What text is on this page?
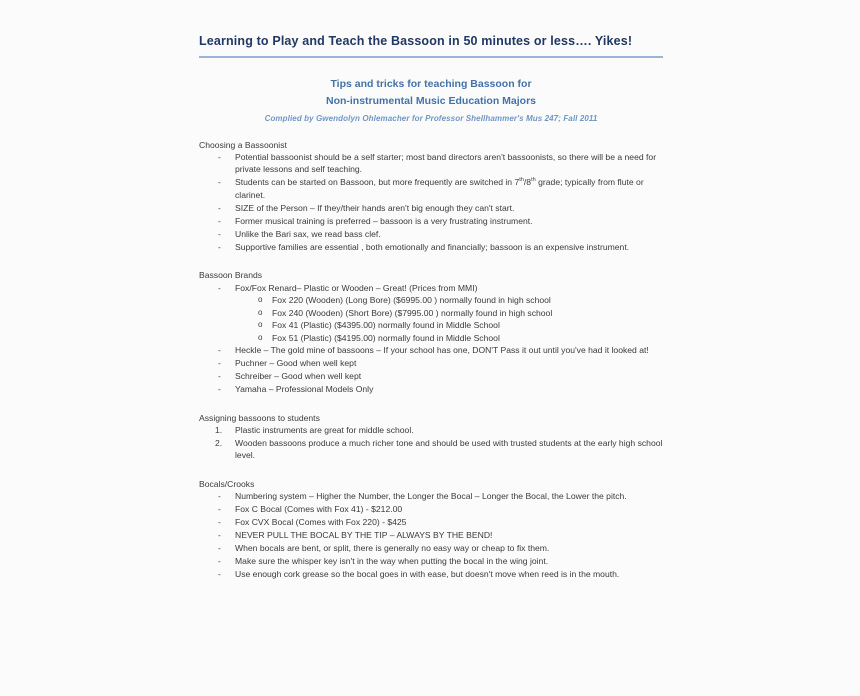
Learning to Play and Teach the Bassoon in 50 minutes or less…. Yikes!

Tips and tricks for teaching Bassoon for

Non-instrumental Music Education Majors

Complied by Gwendolyn Ohlemacher for Professor Shellhammer's Mus 247; Fall 2011

Choosing a Bassoonist

- Potential bassoonist should be a self starter; most band directors aren't bassoonists, so there will be a need for private lessons and self teaching.
- Students can be started on Bassoon, but more frequently are switched in 7th/8th grade; typically from flute or clarinet.
- SIZE of the Person – If they/their hands aren't big enough they can't start.
- Former musical training is preferred – bassoon is a very frustrating instrument.
- Unlike the Bari sax, we read bass clef.
- Supportive families are essential , both emotionally and financially; bassoon is an expensive instrument.

Bassoon Brands

- Fox/Fox Renard– Plastic or Wooden – Great! (Prices from MMI)
o Fox 220 (Wooden) (Long Bore) ($6995.00 ) normally found in high school
o Fox 240 (Wooden) (Short Bore) ($7995.00 ) normally found in high school
o Fox 41 (Plastic) ($4395.00) normally found in Middle School
o Fox 51 (Plastic) ($4195.00) normally found in Middle School
- Heckle – The gold mine of bassoons – If your school has one, DON'T Pass it out until you've had it looked at!
- Puchner – Good when well kept
- Schreiber – Good when well kept
- Yamaha – Professional Models Only

Assigning bassoons to students

Plastic instruments are great for middle school.
Wooden bassoons produce a much richer tone and should be used with trusted students at the early high school level.

Bocals/Crooks

- Numbering system – Higher the Number, the Longer the Bocal – Longer the Bocal, the Lower the pitch.
- Fox C Bocal (Comes with Fox 41) - $212.00
- Fox CVX Bocal (Comes with Fox 220) - $425
- NEVER PULL THE BOCAL BY THE TIP – ALWAYS BY THE BEND!
- When bocals are bent, or split, there is generally no easy way or cheap to fix them.
- Make sure the whisper key isn't in the way when putting the bocal in the wing joint.
- Use enough cork grease so the bocal goes in with ease, but doesn't move when reed is in the mouth.
